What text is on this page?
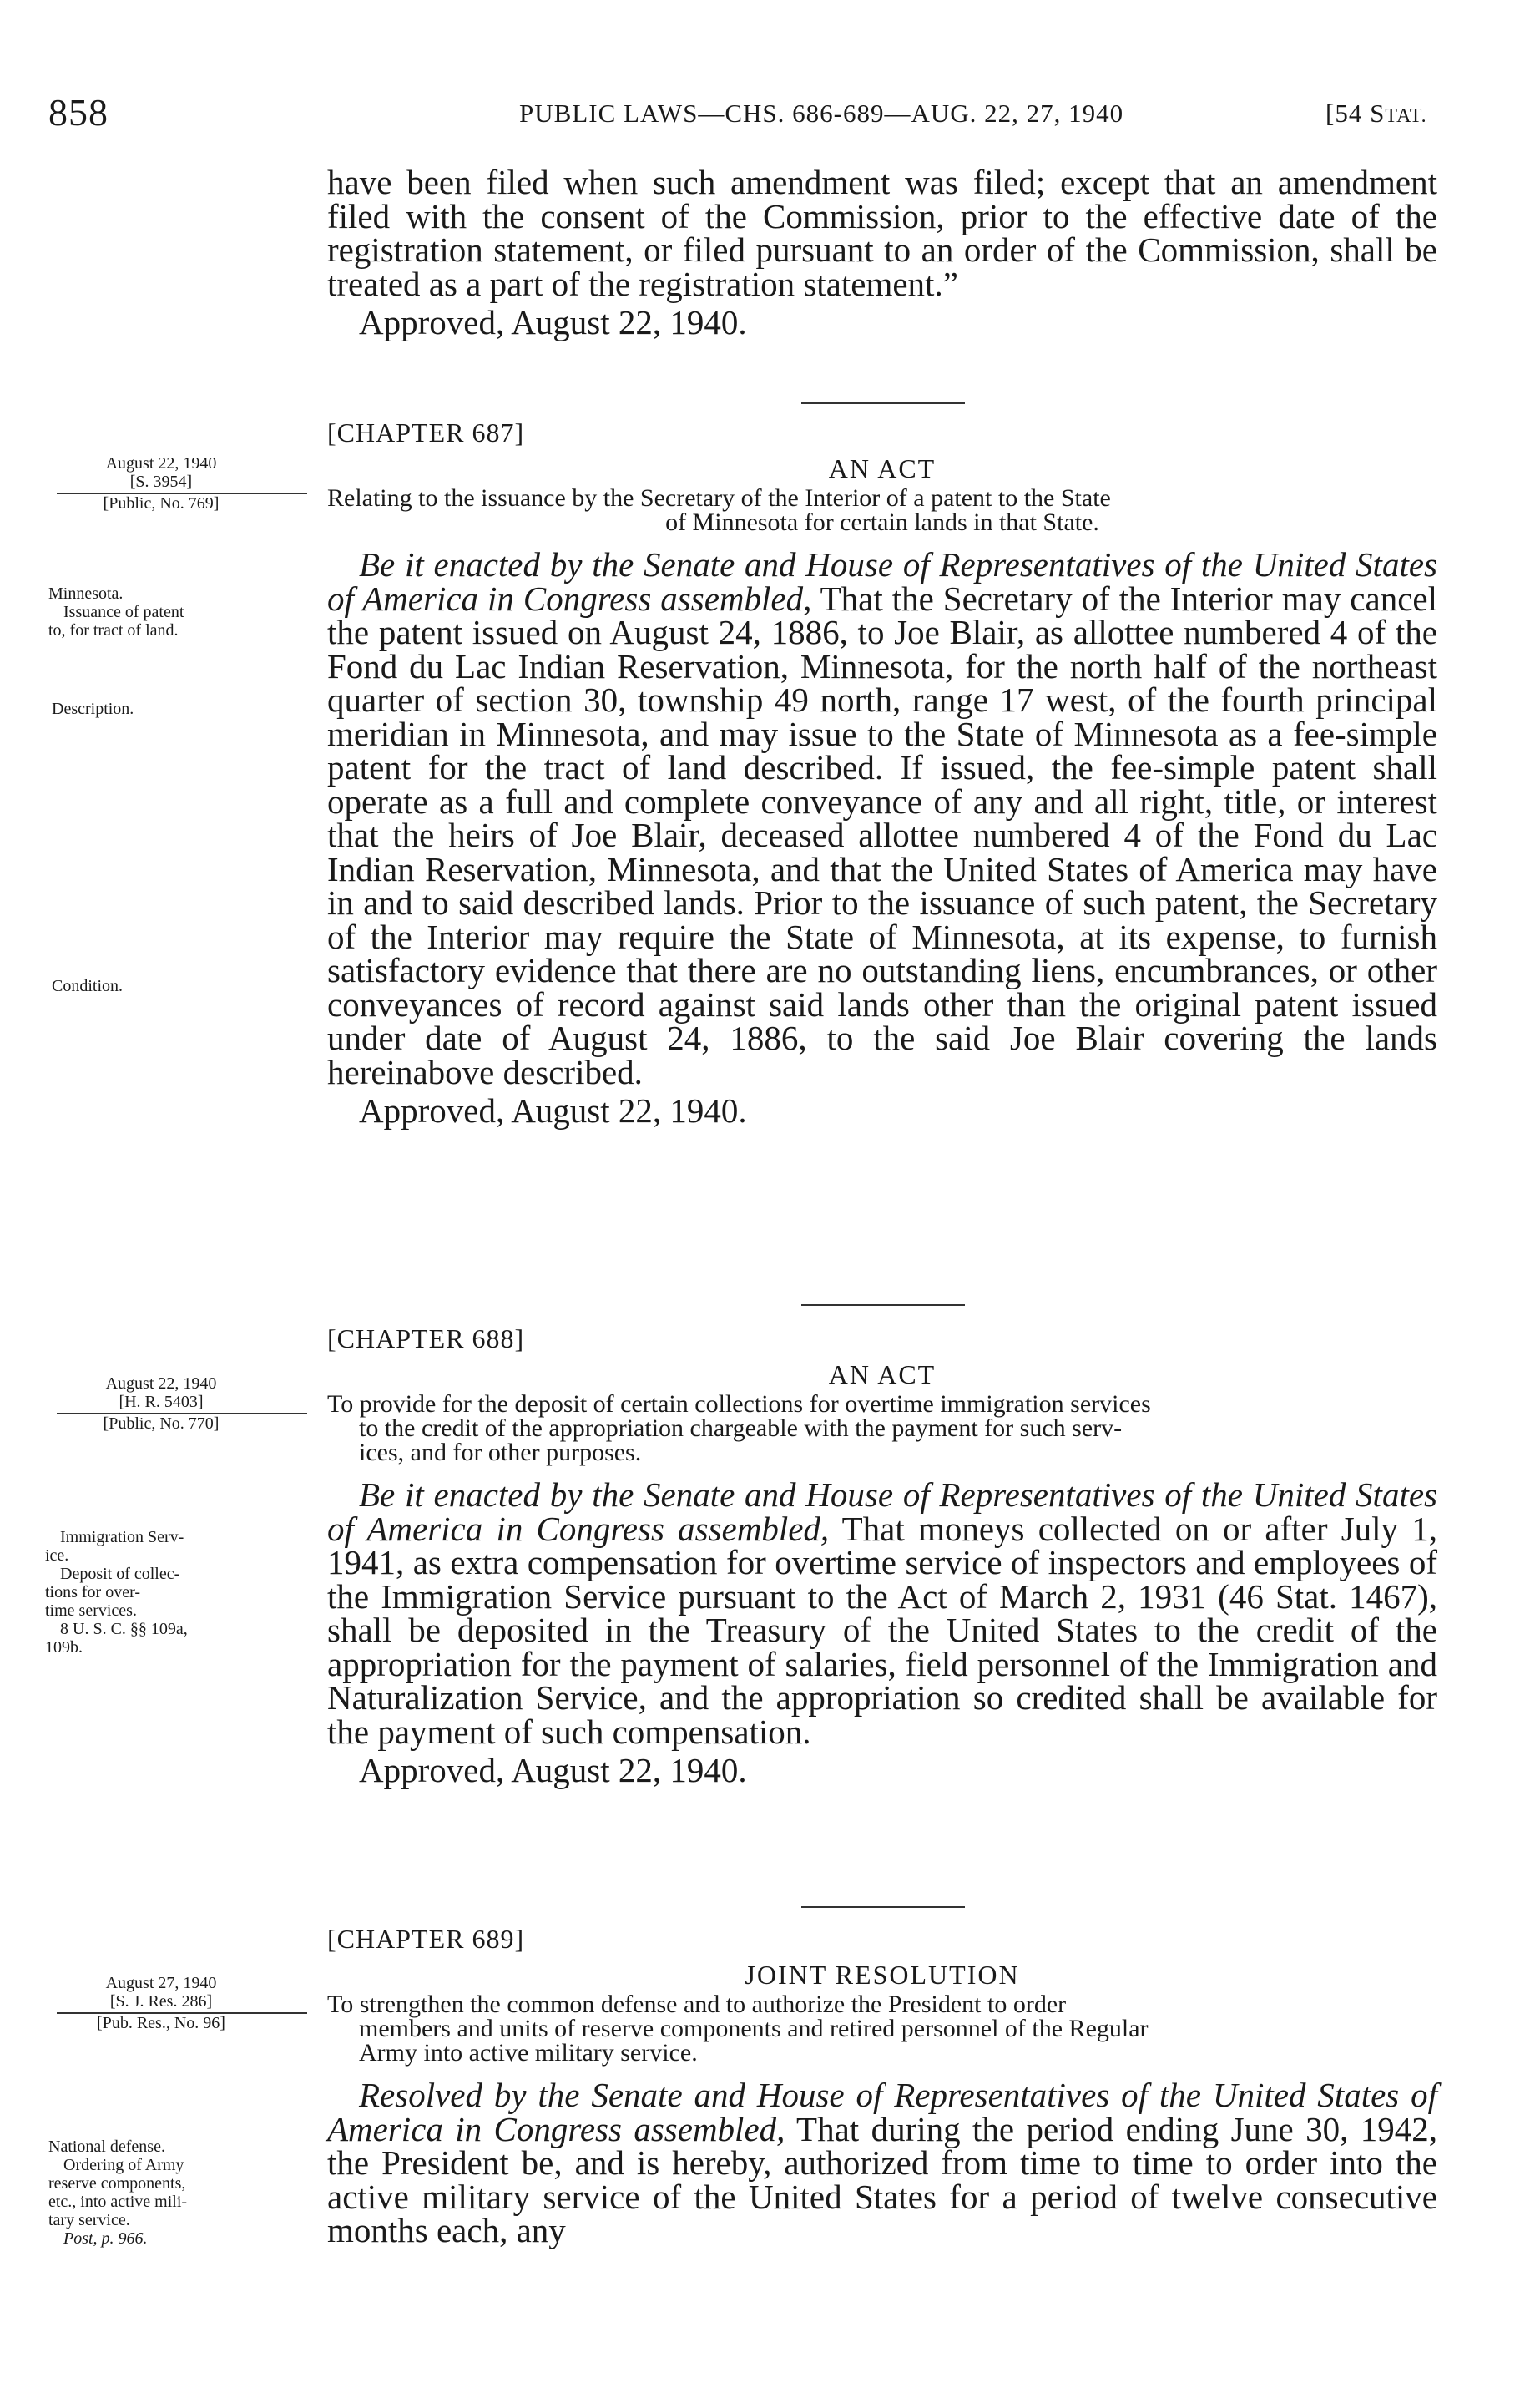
858	PUBLIC LAWS—CHS. 686-689—AUG. 22, 27, 1940	[54 STAT.

have been filed when such amendment was filed; except that an amendment filed with the consent of the Commission, prior to the effective date of the registration statement, or filed pursuant to an order of the Commission, shall be treated as a part of the registration statement.”

Approved, August 22, 1940.

[CHAPTER 687]
AN ACT
Relating to the issuance by the Secretary of the Interior of a patent to the State
of Minnesota for certain lands in that State.

Be it enacted by the Senate and House of Representatives of the United States of America in Congress assembled, That the Secretary of the Interior may cancel the patent issued on August 24, 1886, to Joe Blair, as allottee numbered 4 of the Fond du Lac Indian Reservation, Minnesota, for the north half of the northeast quarter of section 30, township 49 north, range 17 west, of the fourth principal meridian in Minnesota, and may issue to the State of Minnesota as a fee-simple patent for the tract of land described. If issued, the fee-simple patent shall operate as a full and complete conveyance of any and all right, title, or interest that the heirs of Joe Blair, deceased allottee numbered 4 of the Fond du Lac Indian Reservation, Minnesota, and that the United States of America may have in and to said described lands. Prior to the issuance of such patent, the Secretary of the Interior may require the State of Minnesota, at its expense, to furnish satisfactory evidence that there are no outstanding liens, encumbrances, or other conveyances of record against said lands other than the original patent issued under date of August 24, 1886, to the said Joe Blair covering the lands hereinabove described.

Approved, August 22, 1940.

August 22, 1940
[S. 3954]
[Public, No. 769]
Minnesota.
Issuance of patent
to, for tract of land.
Description.
Condition.
[CHAPTER 688]
AN ACT
To provide for the deposit of certain collections for overtime immigration services
to the credit of the appropriation chargeable with the payment for such serv-
ices, and for other purposes.

Be it enacted by the Senate and House of Representatives of the United States of America in Congress assembled, That moneys collected on or after July 1, 1941, as extra compensation for overtime service of inspectors and employees of the Immigration Service pursuant to the Act of March 2, 1931 (46 Stat. 1467), shall be deposited in the Treasury of the United States to the credit of the appropriation for the payment of salaries, field personnel of the Immigration and Naturalization Service, and the appropriation so credited shall be available for the payment of such compensation.

Approved, August 22, 1940.

August 22, 1940
[H. R. 5403]
[Public, No. 770]
Immigration Serv-
ice.
Deposit of collec-
tions for over-
time services.
8 U. S. C. §§ 109a,
109b.
[CHAPTER 689]
JOINT RESOLUTION
To strengthen the common defense and to authorize the President to order
members and units of reserve components and retired personnel of the Regular
Army into active military service.

Resolved by the Senate and House of Representatives of the United States of America in Congress assembled, That during the period ending June 30, 1942, the President be, and is hereby, authorized from time to time to order into the active military service of the United States for a period of twelve consecutive months each, any

August 27, 1940
[S. J. Res. 286]
[Pub. Res., No. 96]
National defense.
Ordering of Army
reserve components,
etc., into active mili-
tary service.
Post, p. 966.
